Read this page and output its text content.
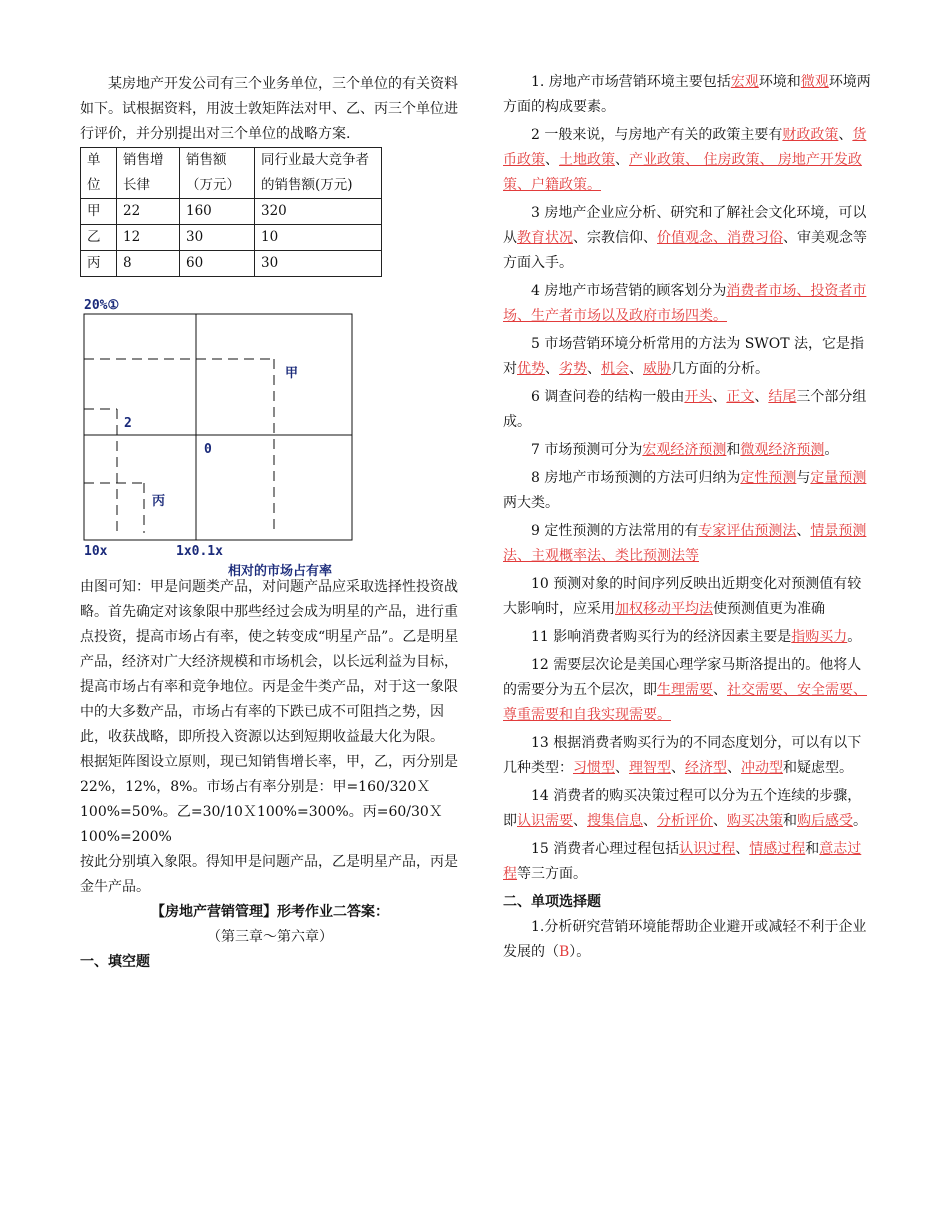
某房地产开发公司有三个业务单位，三个单位的有关资料如下。试根据资料，用波士敦矩阵法对甲、乙、丙三个单位进行评价，并分别提出对三个单位的战略方案.

单位	销售增长律	销售额（万元）	同行业最大竞争者的销售额(万元)
甲	22	160	320
乙	12	30	10
丙	8	60	30
20%①
甲
2
0
丙
10x	1x0.1x
相对的市场占有率

由图可知：甲是问题类产品，对问题产品应采取选择性投资战略。首先确定对该象限中那些经过会成为明星的产品，进行重点投资，提高市场占有率，使之转变成“明星产品”。乙是明星产品，经济对广大经济规模和市场机会，以长远利益为目标，提高市场占有率和竞争地位。丙是金牛类产品，对于这一象限中的大多数产品，市场占有率的下跌已成不可阻挡之势，因此，收获战略，即所投入资源以达到短期收益最大化为限。

根据矩阵图设立原则，现已知销售增长率，甲，乙，丙分别是 22%，12%，8%。市场占有率分别是：甲=160/320Ｘ100%=50%。乙=30/10Ｘ100%=300%。丙=60/30Ｘ100%=200%

按此分别填入象限。得知甲是问题产品，乙是明星产品，丙是金牛产品。

【房地产营销管理】形考作业二答案：

（第三章～第六章）

一、填空题

1. 房地产市场营销环境主要包括宏观环境和微观环境两方面的构成要素。

2 一般来说，与房地产有关的政策主要有财政政策、货币政策、土地政策、产业政策、 住房政策、 房地产开发政策、户籍政策。

3 房地产企业应分析、研究和了解社会文化环境，可以从教育状况、宗教信仰、价值观念、消费习俗、审美观念等方面入手。

4 房地产市场营销的顾客划分为消费者市场、投资者市场、生产者市场以及政府市场四类。

5 市场营销环境分析常用的方法为 SWOT 法，它是指对优势、劣势、机会、威胁几方面的分析。

6 调查问卷的结构一般由开头、正文、结尾三个部分组成。

7 市场预测可分为宏观经济预测和微观经济预测。

8 房地产市场预测的方法可归纳为定性预测与定量预测两大类。

9 定性预测的方法常用的有专家评估预测法、情景预测法、主观概率法、类比预测法等

10 预测对象的时间序列反映出近期变化对预测值有较大影响时，应采用加权移动平均法使预测值更为准确

11 影响消费者购买行为的经济因素主要是指购买力。

12 需要层次论是美国心理学家马斯洛提出的。他将人的需要分为五个层次，即生理需要、社交需要、安全需要、尊重需要和自我实现需要。

13 根据消费者购买行为的不同态度划分，可以有以下几种类型：习惯型、理智型、经济型、冲动型和疑虑型。

14 消费者的购买决策过程可以分为五个连续的步骤，即认识需要、搜集信息、分析评价、购买决策和购后感受。

15 消费者心理过程包括认识过程、情感过程和意志过程等三方面。

二、单项选择题

1.分析研究营销环境能帮助企业避开或减轻不利于企业发展的（B）。
